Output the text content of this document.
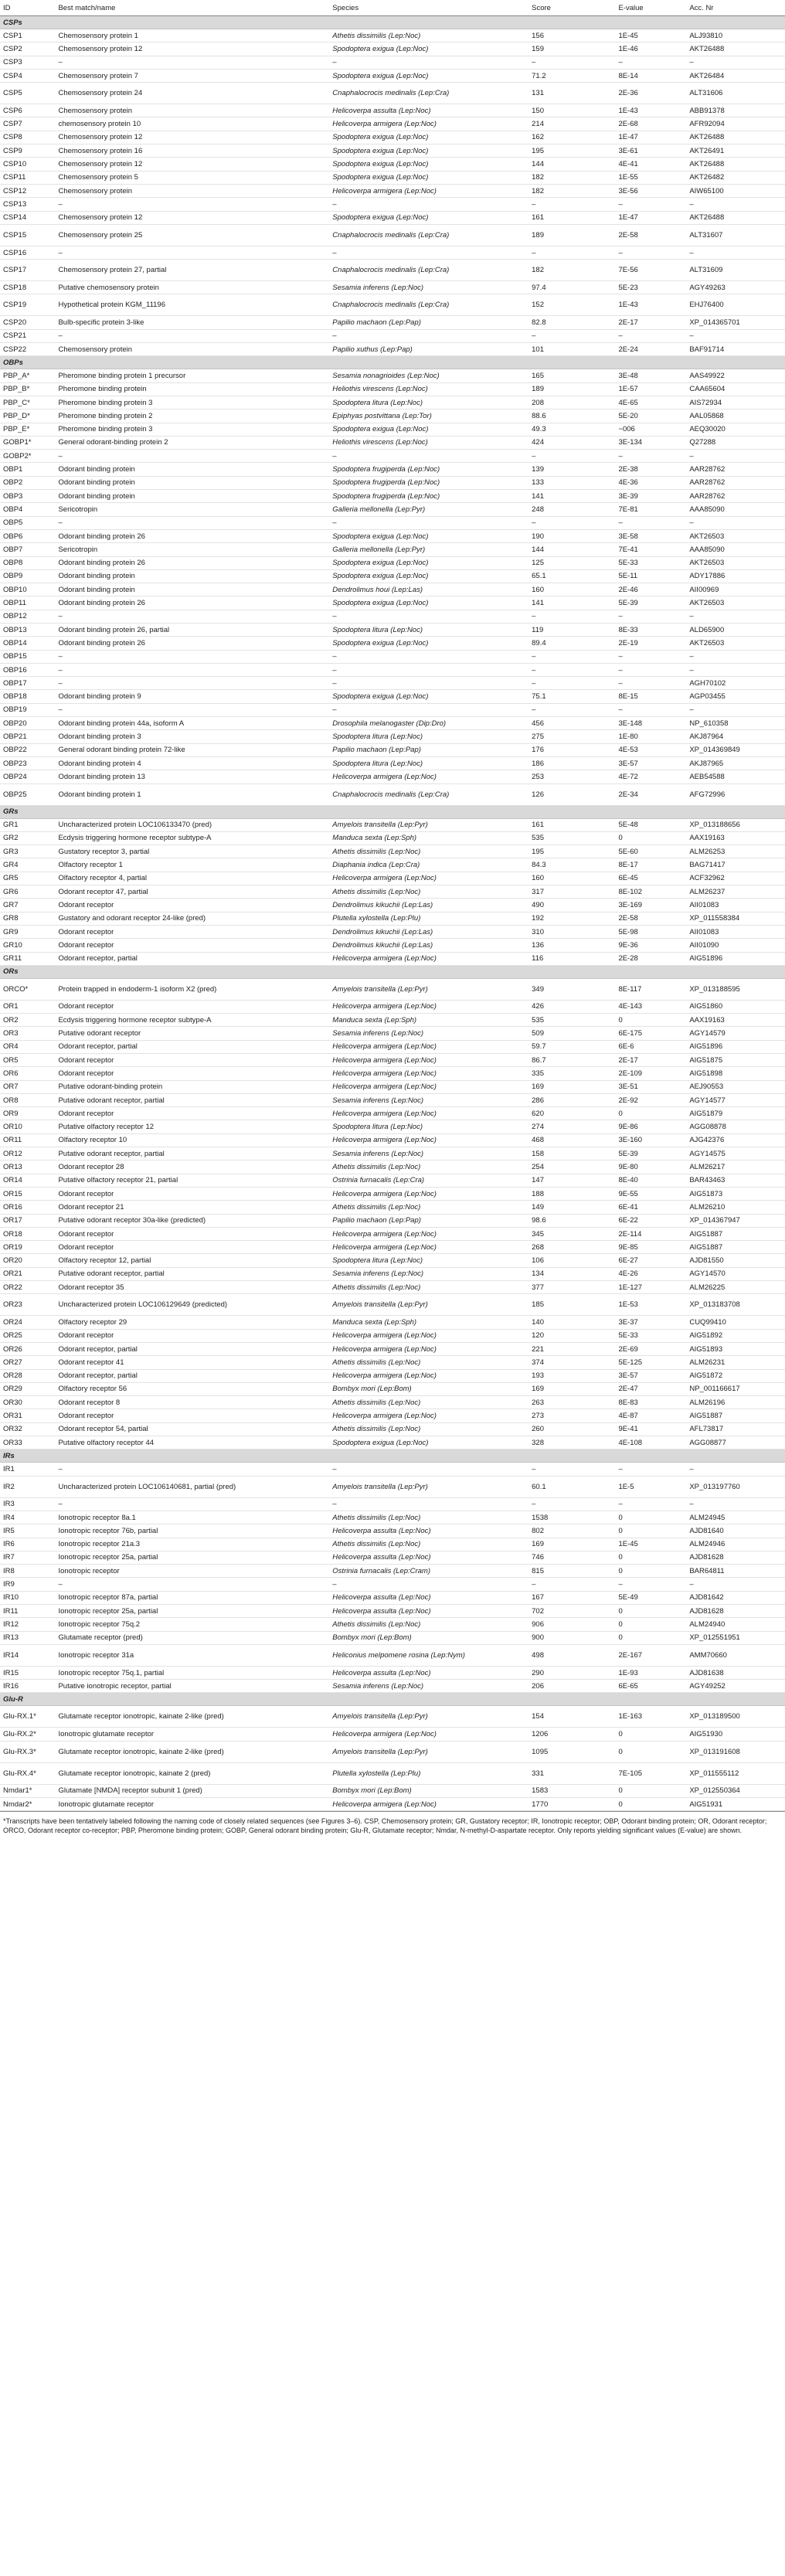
ID	Best match/name	Species	Score	E-value	Acc. Nr
CSPs					
CSP1	Chemosensory protein 1	Athetis dissimilis (Lep:Noc)	156	1E-45	ALJ93810
CSP2	Chemosensory protein 12	Spodoptera exigua (Lep:Noc)	159	1E-46	AKT26488
CSP3	–	–	–	–	–
CSP4	Chemosensory protein 7	Spodoptera exigua (Lep:Noc)	71.2	8E-14	AKT26484
CSP5	Chemosensory protein 24	Cnaphalocrocis medinalis (Lep:Cra)	131	2E-36	ALT31606
CSP6	Chemosensory protein	Helicoverpa assulta (Lep:Noc)	150	1E-43	ABB91378
CSP7	chemosensory protein 10	Helicoverpa armigera (Lep:Noc)	214	2E-68	AFR92094
CSP8	Chemosensory protein 12	Spodoptera exigua (Lep:Noc)	162	1E-47	AKT26488
CSP9	Chemosensory protein 16	Spodoptera exigua (Lep:Noc)	195	3E-61	AKT26491
CSP10	Chemosensory protein 12	Spodoptera exigua (Lep:Noc)	144	4E-41	AKT26488
CSP11	Chemosensory protein 5	Spodoptera exigua (Lep:Noc)	182	1E-55	AKT26482
CSP12	Chemosensory protein	Helicoverpa armigera (Lep:Noc)	182	3E-56	AIW65100
CSP13	–	–	–	–	–
CSP14	Chemosensory protein 12	Spodoptera exigua (Lep:Noc)	161	1E-47	AKT26488
CSP15	Chemosensory protein 25	Cnaphalocrocis medinalis (Lep:Cra)	189	2E-58	ALT31607
CSP16	–	–	–	–	–
CSP17	Chemosensory protein 27, partial	Cnaphalocrocis medinalis (Lep:Cra)	182	7E-56	ALT31609
CSP18	Putative chemosensory protein	Sesamia inferens (Lep:Noc)	97.4	5E-23	AGY49263
CSP19	Hypothetical protein KGM_11196	Cnaphalocrocis medinalis (Lep:Cra)	152	1E-43	EHJ76400
CSP20	Bulb-specific protein 3-like	Papilio machaon (Lep:Pap)	82.8	2E-17	XP_014365701
CSP21	–	–	–	–	–
CSP22	Chemosensory protein	Papilio xuthus (Lep:Pap)	101	2E-24	BAF91714
OBPs					
PBP_A*	Pheromone binding protein 1 precursor	Sesamia nonagrioides (Lep:Noc)	165	3E-48	AAS49922
PBP_B*	Pheromone binding protein	Heliothis virescens (Lep:Noc)	189	1E-57	CAA65604
PBP_C*	Pheromone binding protein 3	Spodoptera litura (Lep:Noc)	208	4E-65	AIS72934
PBP_D*	Pheromone binding protein 2	Epiphyas postvittana (Lep:Tor)	88.6	5E-20	AAL05868
PBP_E*	Pheromone binding protein 3	Spodoptera exigua (Lep:Noc)	49.3	~006	AEQ30020
GOBP1*	General odorant-binding protein 2	Heliothis virescens (Lep:Noc)	424	3E-134	Q27288
GOBP2*	–	–	–	–	–
OBP1	Odorant binding protein	Spodoptera frugiperda (Lep:Noc)	139	2E-38	AAR28762
OBP2	Odorant binding protein	Spodoptera frugiperda (Lep:Noc)	133	4E-36	AAR28762
OBP3	Odorant binding protein	Spodoptera frugiperda (Lep:Noc)	141	3E-39	AAR28762
OBP4	Sericotropin	Galleria mellonella (Lep:Pyr)	248	7E-81	AAA85090
OBP5	–	–	–	–	–
OBP6	Odorant binding protein 26	Spodoptera exigua (Lep:Noc)	190	3E-58	AKT26503
OBP7	Sericotropin	Galleria mellonella (Lep:Pyr)	144	7E-41	AAA85090
OBP8	Odorant binding protein 26	Spodoptera exigua (Lep:Noc)	125	5E-33	AKT26503
OBP9	Odorant binding protein	Spodoptera exigua (Lep:Noc)	65.1	5E-11	ADY17886
OBP10	Odorant binding protein	Dendrolimus houi (Lep:Las)	160	2E-46	AII00969
OBP11	Odorant binding protein 26	Spodoptera exigua (Lep:Noc)	141	5E-39	AKT26503
OBP12	–	–	–	–	–
OBP13	Odorant binding protein 26, partial	Spodoptera litura (Lep:Noc)	119	8E-33	ALD65900
OBP14	Odorant binding protein 26	Spodoptera exigua (Lep:Noc)	89.4	2E-19	AKT26503
OBP15	–	–	–	–	–
OBP16	–	–	–	–	–
OBP17	–	–	–	–	AGH70102
OBP18	Odorant binding protein 9	Spodoptera exigua (Lep:Noc)	75.1	8E-15	AGP03455
OBP19	–	–	–	–	–
OBP20	Odorant binding protein 44a, isoform A	Drosophila melanogaster (Dip:Dro)	456	3E-148	NP_610358
OBP21	Odorant binding protein 3	Spodoptera litura (Lep:Noc)	275	1E-80	AKJ87964
OBP22	General odorant binding protein 72-like	Papilio machaon (Lep:Pap)	176	4E-53	XP_014369849
OBP23	Odorant binding protein 4	Spodoptera litura (Lep:Noc)	186	3E-57	AKJ87965
OBP24	Odorant binding protein 13	Helicoverpa armigera (Lep:Noc)	253	4E-72	AEB54588
OBP25	Odorant binding protein 1	Cnaphalocrocis medinalis (Lep:Cra)	126	2E-34	AFG72996
GRs					
GR1	Uncharacterized protein LOC106133470 (pred)	Amyelois transitella (Lep:Pyr)	161	5E-48	XP_013188656
GR2	Ecdysis triggering hormone receptor subtype-A	Manduca sexta (Lep:Sph)	535	0	AAX19163
GR3	Gustatory receptor 3, partial	Athetis dissimilis (Lep:Noc)	195	5E-60	ALM26253
GR4	Olfactory receptor 1	Diaphania indica (Lep:Cra)	84.3	8E-17	BAG71417
GR5	Olfactory receptor 4, partial	Helicoverpa armigera (Lep:Noc)	160	6E-45	ACF32962
GR6	Odorant receptor 47, partial	Athetis dissimilis (Lep:Noc)	317	8E-102	ALM26237
GR7	Odorant receptor	Dendrolimus kikuchii (Lep:Las)	490	3E-169	AII01083
GR8	Gustatory and odorant receptor 24-like (pred)	Plutella xylostella (Lep:Plu)	192	2E-58	XP_011558384
GR9	Odorant receptor	Dendrolimus kikuchii (Lep:Las)	310	5E-98	AII01083
GR10	Odorant receptor	Dendrolimus kikuchii (Lep:Las)	136	9E-36	AII01090
GR11	Odorant receptor, partial	Helicoverpa armigera (Lep:Noc)	116	2E-28	AIG51896
ORs					
ORCO*	Protein trapped in endoderm-1 isoform X2 (pred)	Amyelois transitella (Lep:Pyr)	349	8E-117	XP_013188595
OR1	Odorant receptor	Helicoverpa armigera (Lep:Noc)	426	4E-143	AIG51860
OR2	Ecdysis triggering hormone receptor subtype-A	Manduca sexta (Lep:Sph)	535	0	AAX19163
OR3	Putative odorant receptor	Sesamia inferens (Lep:Noc)	509	6E-175	AGY14579
OR4	Odorant receptor, partial	Helicoverpa armigera (Lep:Noc)	59.7	6E-6	AIG51896
OR5	Odorant receptor	Helicoverpa armigera (Lep:Noc)	86.7	2E-17	AIG51875
OR6	Odorant receptor	Helicoverpa armigera (Lep:Noc)	335	2E-109	AIG51898
OR7	Putative odorant-binding protein	Helicoverpa armigera (Lep:Noc)	169	3E-51	AEJ90553
OR8	Putative odorant receptor, partial	Sesamia inferens (Lep:Noc)	286	2E-92	AGY14577
OR9	Odorant receptor	Helicoverpa armigera (Lep:Noc)	620	0	AIG51879
OR10	Putative olfactory receptor 12	Spodoptera litura (Lep:Noc)	274	9E-86	AGG08878
OR11	Olfactory receptor 10	Helicoverpa armigera (Lep:Noc)	468	3E-160	AJG42376
OR12	Putative odorant receptor, partial	Sesamia inferens (Lep:Noc)	158	5E-39	AGY14575
OR13	Odorant receptor 28	Athetis dissimilis (Lep:Noc)	254	9E-80	ALM26217
OR14	Putative olfactory receptor 21, partial	Ostrinia furnacalis (Lep:Cra)	147	8E-40	BAR43463
OR15	Odorant receptor	Helicoverpa armigera (Lep:Noc)	188	9E-55	AIG51873
OR16	Odorant receptor 21	Athetis dissimilis (Lep:Noc)	149	6E-41	ALM26210
OR17	Putative odorant receptor 30a-like (predicted)	Papilio machaon (Lep:Pap)	98.6	6E-22	XP_014367947
OR18	Odorant receptor	Helicoverpa armigera (Lep:Noc)	345	2E-114	AIG51887
OR19	Odorant receptor	Helicoverpa armigera (Lep:Noc)	268	9E-85	AIG51887
OR20	Olfactory receptor 12, partial	Spodoptera litura (Lep:Noc)	106	6E-27	AJD81550
OR21	Putative odorant receptor, partial	Sesamia inferens (Lep:Noc)	134	4E-26	AGY14570
OR22	Odorant receptor 35	Athetis dissimilis (Lep:Noc)	377	1E-127	ALM26225
OR23	Uncharacterized protein LOC106129649 (predicted)	Amyelois transitella (Lep:Pyr)	185	1E-53	XP_013183708
OR24	Olfactory receptor 29	Manduca sexta (Lep:Sph)	140	3E-37	CUQ99410
OR25	Odorant receptor	Helicoverpa armigera (Lep:Noc)	120	5E-33	AIG51892
OR26	Odorant receptor, partial	Helicoverpa armigera (Lep:Noc)	221	2E-69	AIG51893
OR27	Odorant receptor 41	Athetis dissimilis (Lep:Noc)	374	5E-125	ALM26231
OR28	Odorant receptor, partial	Helicoverpa armigera (Lep:Noc)	193	3E-57	AIG51872
OR29	Olfactory receptor 56	Bombyx mori (Lep:Bom)	169	2E-47	NP_001166617
OR30	Odorant receptor 8	Athetis dissimilis (Lep:Noc)	263	8E-83	ALM26196
OR31	Odorant receptor	Helicoverpa armigera (Lep:Noc)	273	4E-87	AIG51887
OR32	Odorant receptor 54, partial	Athetis dissimilis (Lep:Noc)	260	9E-41	AFL73817
OR33	Putative olfactory receptor 44	Spodoptera exigua (Lep:Noc)	328	4E-108	AGG08877
IRs					
IR1	–	–	–	–	–
IR2	Uncharacterized protein LOC106140681, partial (pred)	Amyelois transitella (Lep:Pyr)	60.1	1E-5	XP_013197760
IR3	–	–	–	–	–
IR4	Ionotropic receptor 8a.1	Athetis dissimilis (Lep:Noc)	1538	0	ALM24945
IR5	Ionotropic receptor 76b, partial	Helicoverpa assulta (Lep:Noc)	802	0	AJD81640
IR6	Ionotropic receptor 21a.3	Athetis dissimilis (Lep:Noc)	169	1E-45	ALM24946
IR7	Ionotropic receptor 25a, partial	Helicoverpa assulta (Lep:Noc)	746	0	AJD81628
IR8	Ionotropic receptor	Ostrinia furnacalis (Lep:Cram)	815	0	BAR64811
IR9	–	–	–	–	–
IR10	Ionotropic receptor 87a, partial	Helicoverpa assulta (Lep:Noc)	167	5E-49	AJD81642
IR11	Ionotropic receptor 25a, partial	Helicoverpa assulta (Lep:Noc)	702	0	AJD81628
IR12	Ionotropic receptor 75q.2	Athetis dissimilis (Lep:Noc)	906	0	ALM24940
IR13	Glutamate receptor (pred)	Bombyx mori (Lep:Bom)	900	0	XP_012551951
IR14	Ionotropic receptor 31a	Heliconius melpomene rosina (Lep:Nym)	498	2E-167	AMM70660
IR15	Ionotropic receptor 75q.1, partial	Helicoverpa assulta (Lep:Noc)	290	1E-93	AJD81638
IR16	Putative ionotropic receptor, partial	Sesamia inferens (Lep:Noc)	206	6E-65	AGY49252
Glu-R					
Glu-RX.1*	Glutamate receptor ionotropic, kainate 2-like (pred)	Amyelois transitella (Lep:Pyr)	154	1E-163	XP_013189500
Glu-RX.2*	Ionotropic glutamate receptor	Helicoverpa armigera (Lep:Noc)	1206	0	AIG51930
Glu-RX.3*	Glutamate receptor ionotropic, kainate 2-like (pred)	Amyelois transitella (Lep:Pyr)	1095	0	XP_013191608
Glu-RX.4*	Glutamate receptor ionotropic, kainate 2 (pred)	Plutella xylostella (Lep:Plu)	331	7E-105	XP_011555112
Nmdar1*	Glutamate [NMDA] receptor subunit 1 (pred)	Bombyx mori (Lep:Bom)	1583	0	XP_012550364
Nmdar2*	Ionotropic glutamate receptor	Helicoverpa armigera (Lep:Noc)	1770	0	AIG51931
*Transcripts have been tentatively labeled following the naming code of closely related sequences (see Figures 3–6). CSP, Chemosensory protein; GR, Gustatory receptor; IR, Ionotropic receptor; OBP, Odorant binding protein; OR, Odorant receptor; ORCO, Odorant receptor co-receptor; PBP, Pheromone binding protein; GOBP, General odorant binding protein; Glu-R, Glutamate receptor; Nmdar, N-methyl-D-aspartate receptor. Only reports yielding significant values (E-value) are shown.
